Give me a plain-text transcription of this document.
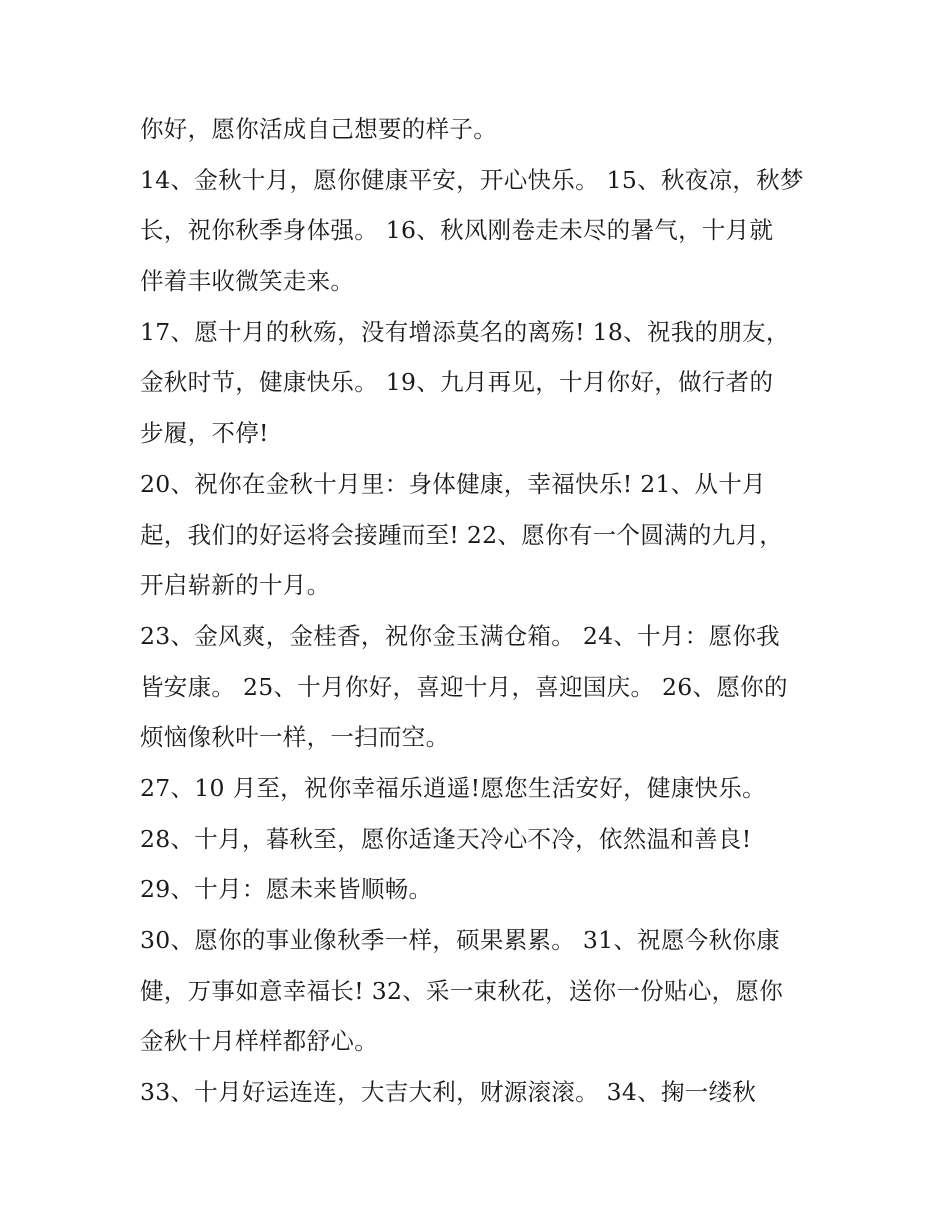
你好，愿你活成自己想要的样子。
14、金秋十月，愿你健康平安，开心快乐。 15、秋夜凉，秋梦
长，祝你秋季身体强。 16、秋风刚卷走未尽的暑气，十月就
伴着丰收微笑走来。
17、愿十月的秋殇，没有增添莫名的离殇! 18、祝我的朋友，
金秋时节，健康快乐。 19、九月再见，十月你好，做行者的
步履，不停!
20、祝你在金秋十月里：身体健康，幸福快乐! 21、从十月
起，我们的好运将会接踵而至! 22、愿你有一个圆满的九月，
开启崭新的十月。
23、金风爽，金桂香，祝你金玉满仓箱。 24、十月：愿你我
皆安康。 25、十月你好，喜迎十月，喜迎国庆。 26、愿你的
烦恼像秋叶一样，一扫而空。
27、10 月至，祝你幸福乐逍遥!愿您生活安好，健康快乐。
28、十月，暮秋至，愿你适逢天冷心不冷，依然温和善良!
29、十月：愿未来皆顺畅。
30、愿你的事业像秋季一样，硕果累累。 31、祝愿今秋你康
健，万事如意幸福长! 32、采一束秋花，送你一份贴心，愿你
金秋十月样样都舒心。
33、十月好运连连，大吉大利，财源滚滚。 34、掬一缕秋
